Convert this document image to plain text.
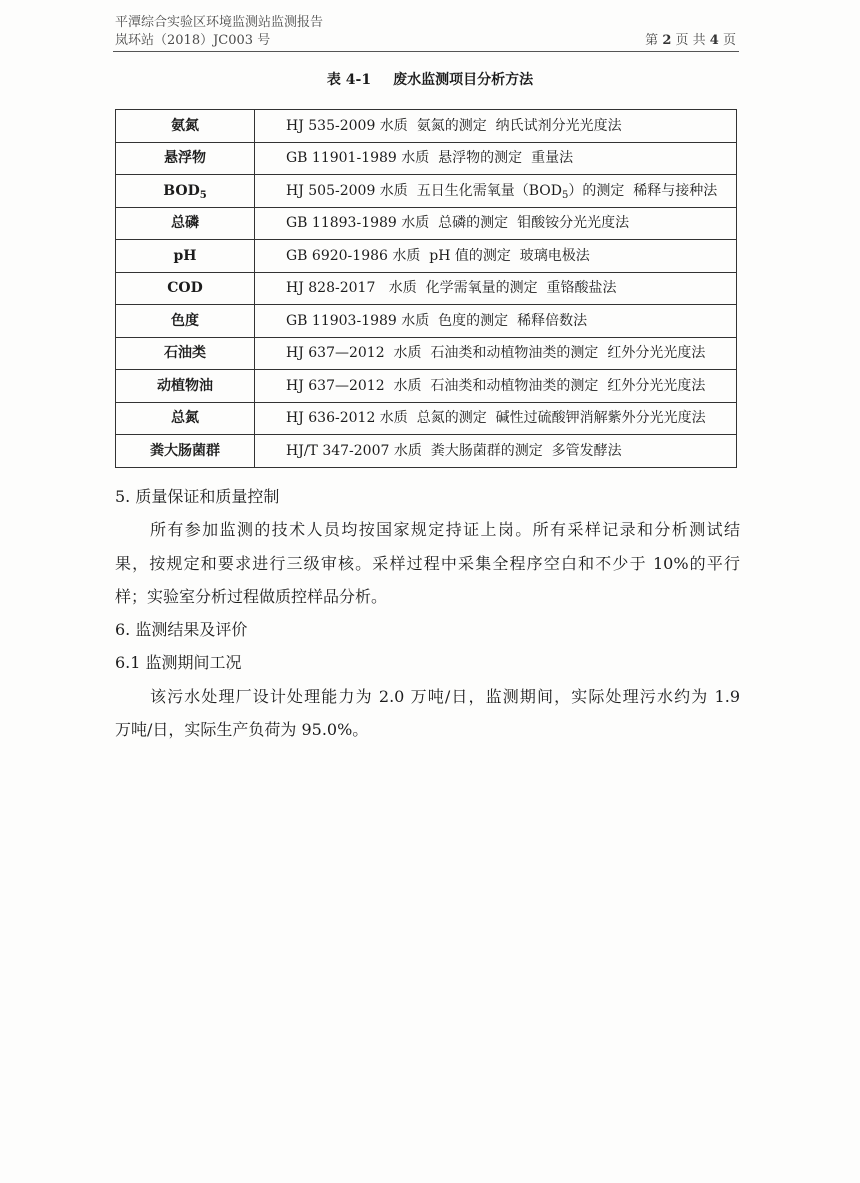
平潭综合实验区环境监测站监测报告
岚环站（2018）JC003 号	第 2 页 共 4 页
表 4-1 废水监测项目分析方法
氨氮	HJ 535-2009 水质  氨氮的测定  纳氏试剂分光光度法
悬浮物	GB 11901-1989 水质  悬浮物的测定  重量法
$BOD_5$	HJ 505-2009 水质  五日生化需氧量$(BOD_5)$的测定  稀释与接种法
总磷	GB 11893-1989 水质  总磷的测定  钼酸铵分光光度法
pH	GB 6920-1986 水质  pH 值的测定  玻璃电极法
COD	HJ 828-2017   水质  化学需氧量的测定  重铬酸盐法
色度	GB 11903-1989 水质  色度的测定  稀释倍数法
石油类	HJ 637—2012  水质  石油类和动植物油类的测定  红外分光光度法
动植物油	HJ 637—2012  水质  石油类和动植物油类的测定  红外分光光度法
总氮	HJ 636-2012 水质  总氮的测定  碱性过硫酸钾消解紫外分光光度法
粪大肠菌群	HJ/T 347-2007 水质  粪大肠菌群的测定  多管发酵法
5. 质量保证和质量控制
所有参加监测的技术人员均按国家规定持证上岗。所有采样记录和分析测试结
果，按规定和要求进行三级审核。采样过程中采集全程序空白和不少于 10%的平行
样；实验室分析过程做质控样品分析。
6. 监测结果及评价
6.1 监测期间工况
该污水处理厂设计处理能力为 2.0 万吨/日，监测期间，实际处理污水约为 1.9
万吨/日，实际生产负荷为 95.0%。
